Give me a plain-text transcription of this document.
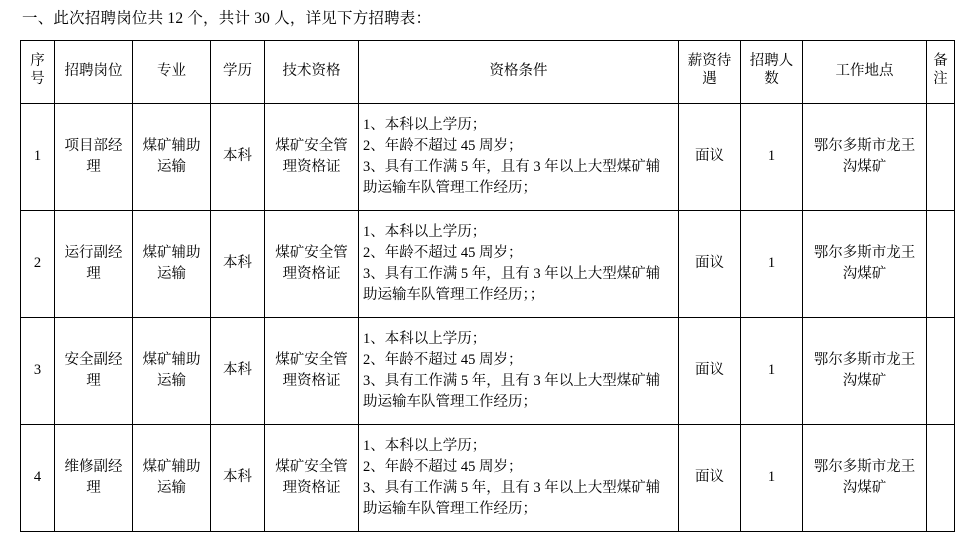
一、此次招聘岗位共 12 个，共计 30 人，详见下方招聘表：
序号	招聘岗位	专业	学历	技术资格	资格条件	薪资待遇	招聘人数	工作地点	备注
1	项目部经理	煤矿辅助运输	本科	煤矿安全管理资格证	1、本科以上学历；
2、年龄不超过 45 周岁；
3、具有工作满 5 年，且有 3 年以上大型煤矿辅助运输车队管理工作经历；	面议	1	鄂尔多斯市龙王沟煤矿	
2	运行副经理	煤矿辅助运输	本科	煤矿安全管理资格证	1、本科以上学历；
2、年龄不超过 45 周岁；
3、具有工作满 5 年，且有 3 年以上大型煤矿辅助运输车队管理工作经历；；	面议	1	鄂尔多斯市龙王沟煤矿	
3	安全副经理	煤矿辅助运输	本科	煤矿安全管理资格证	1、本科以上学历；
2、年龄不超过 45 周岁；
3、具有工作满 5 年，且有 3 年以上大型煤矿辅助运输车队管理工作经历；	面议	1	鄂尔多斯市龙王沟煤矿	
4	维修副经理	煤矿辅助运输	本科	煤矿安全管理资格证	1、本科以上学历；
2、年龄不超过 45 周岁；
3、具有工作满 5 年，且有 3 年以上大型煤矿辅助运输车队管理工作经历；	面议	1	鄂尔多斯市龙王沟煤矿	
